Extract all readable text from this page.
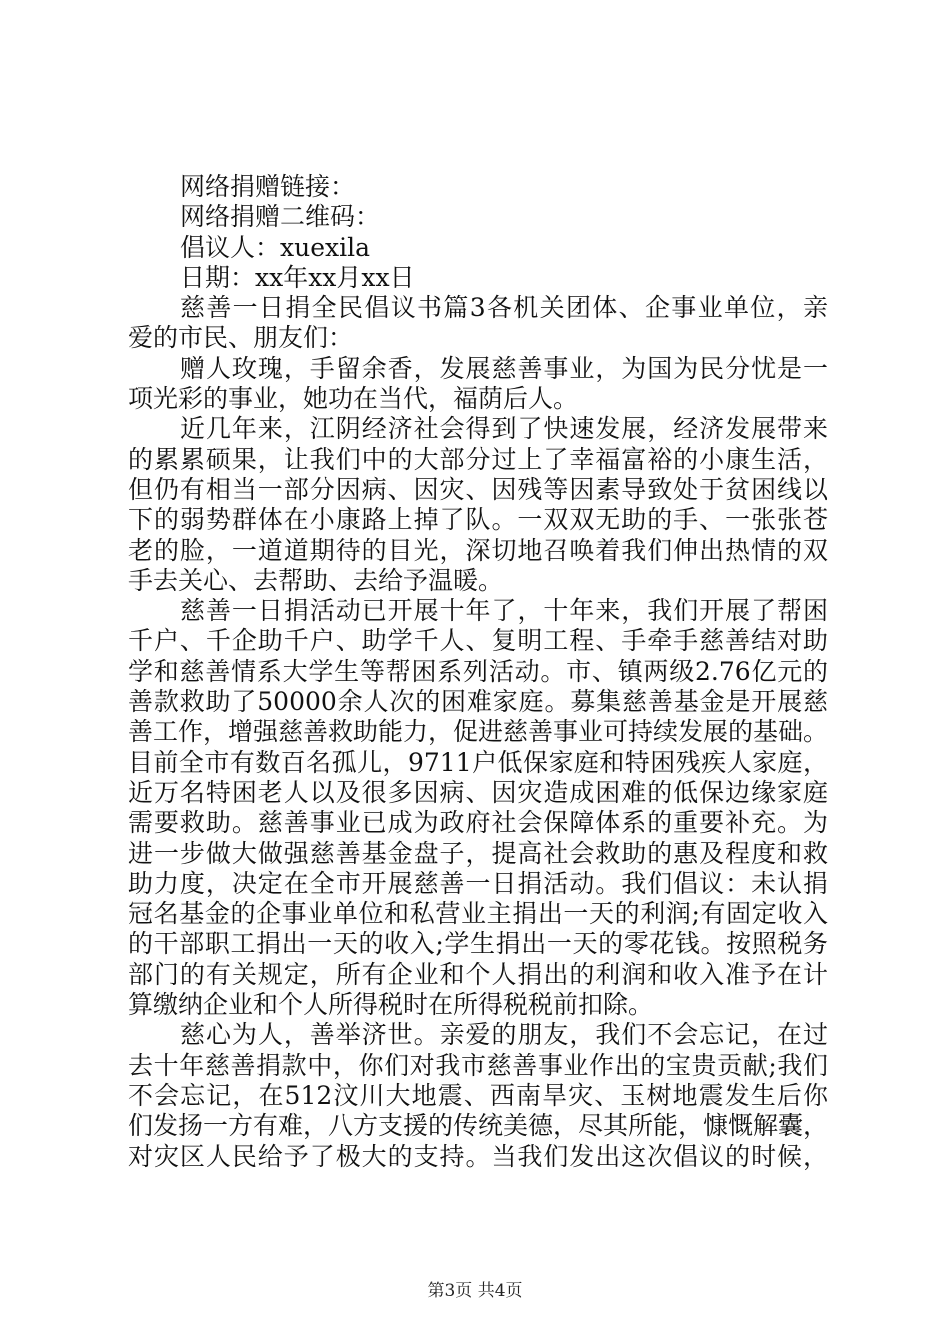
网络捐赠链接：
网络捐赠二维码：
倡议人：xuexila
日期：xx年xx月xx日
慈善一日捐全民倡议书篇3各机关团体、企事业单位，亲
爱的市民、朋友们：
赠人玫瑰，手留余香，发展慈善事业，为国为民分忧是一
项光彩的事业，她功在当代，福荫后人。
近几年来，江阴经济社会得到了快速发展，经济发展带来
的累累硕果，让我们中的大部分过上了幸福富裕的小康生活，
但仍有相当一部分因病、因灾、因残等因素导致处于贫困线以
下的弱势群体在小康路上掉了队。一双双无助的手、一张张苍
老的脸，一道道期待的目光，深切地召唤着我们伸出热情的双
手去关心、去帮助、去给予温暖。
慈善一日捐活动已开展十年了，十年来，我们开展了帮困
千户、千企助千户、助学千人、复明工程、手牵手慈善结对助
学和慈善情系大学生等帮困系列活动。市、镇两级2.76亿元的
善款救助了50000余人次的困难家庭。募集慈善基金是开展慈
善工作，增强慈善救助能力，促进慈善事业可持续发展的基础。
目前全市有数百名孤儿，9711户低保家庭和特困残疾人家庭，
近万名特困老人以及很多因病、因灾造成困难的低保边缘家庭
需要救助。慈善事业已成为政府社会保障体系的重要补充。为
进一步做大做强慈善基金盘子，提高社会救助的惠及程度和救
助力度，决定在全市开展慈善一日捐活动。我们倡议：未认捐
冠名基金的企事业单位和私营业主捐出一天的利润;有固定收入
的干部职工捐出一天的收入;学生捐出一天的零花钱。按照税务
部门的有关规定，所有企业和个人捐出的利润和收入准予在计
算缴纳企业和个人所得税时在所得税税前扣除。
慈心为人，善举济世。亲爱的朋友，我们不会忘记，在过
去十年慈善捐款中，你们对我市慈善事业作出的宝贵贡献;我们
不会忘记，在512汶川大地震、西南旱灾、玉树地震发生后你
们发扬一方有难，八方支援的传统美德，尽其所能，慷慨解囊，
对灾区人民给予了极大的支持。当我们发出这次倡议的时候，
第3页 共4页
